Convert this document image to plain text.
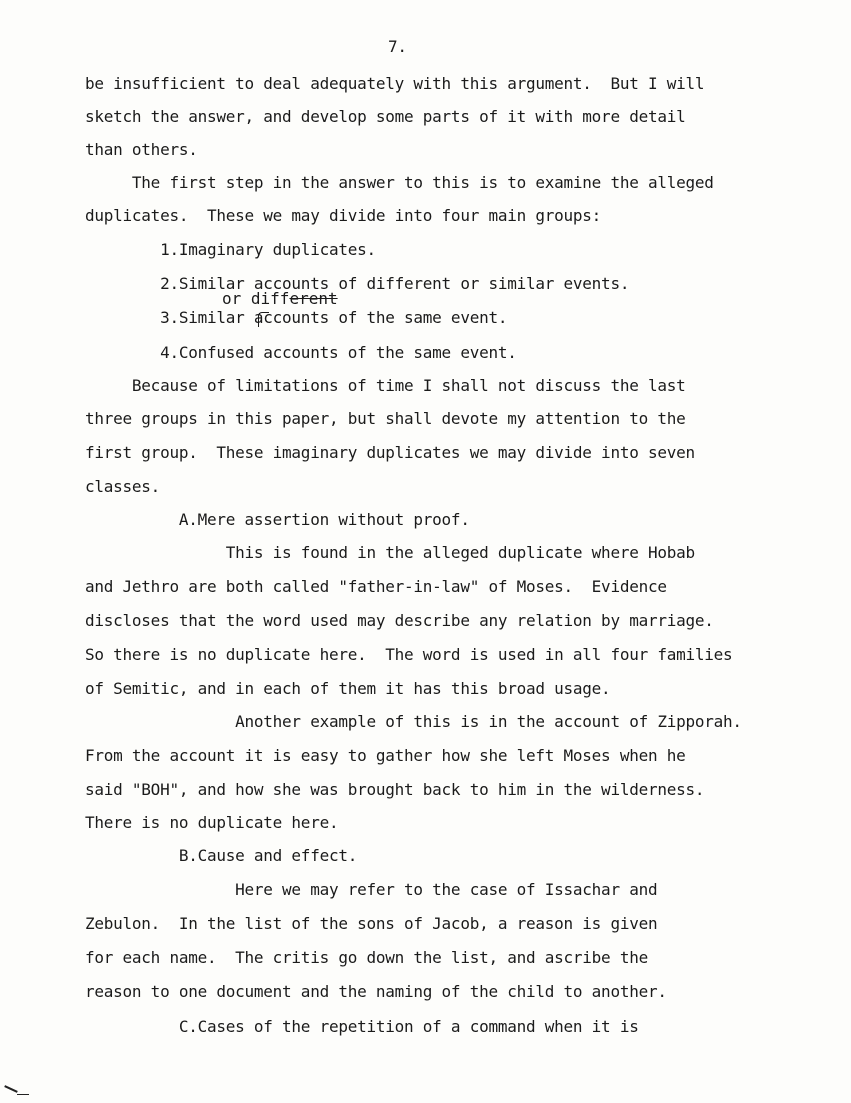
7.
be insufficient to deal adequately with this argument.  But I will
sketch the answer, and develop some parts of it with more detail
than others.
The first step in the answer to this is to examine the alleged
duplicates.  These we may divide into four main groups:
1.Imaginary duplicates.
2.Similar accounts of different or similar events.
or different
3.Similar accounts of the same event.
4.Confused accounts of the same event.
Because of limitations of time I shall not discuss the last
three groups in this paper, but shall devote my attention to the
first group.  These imaginary duplicates we may divide into seven
classes.
A.Mere assertion without proof.
This is found in the alleged duplicate where Hobab
and Jethro are both called "father-in-law" of Moses.  Evidence
discloses that the word used may describe any relation by marriage.
So there is no duplicate here.  The word is used in all four families
of Semitic, and in each of them it has this broad usage.
Another example of this is in the account of Zipporah.
From the account it is easy to gather how she left Moses when he
said "BOH", and how she was brought back to him in the wilderness.
There is no duplicate here.
B.Cause and effect.
Here we may refer to the case of Issachar and
Zebulon.  In the list of the sons of Jacob, a reason is given
for each name.  The critis go down the list, and ascribe the
reason to one document and the naming of the child to another.
C.Cases of the repetition of a command when it is
